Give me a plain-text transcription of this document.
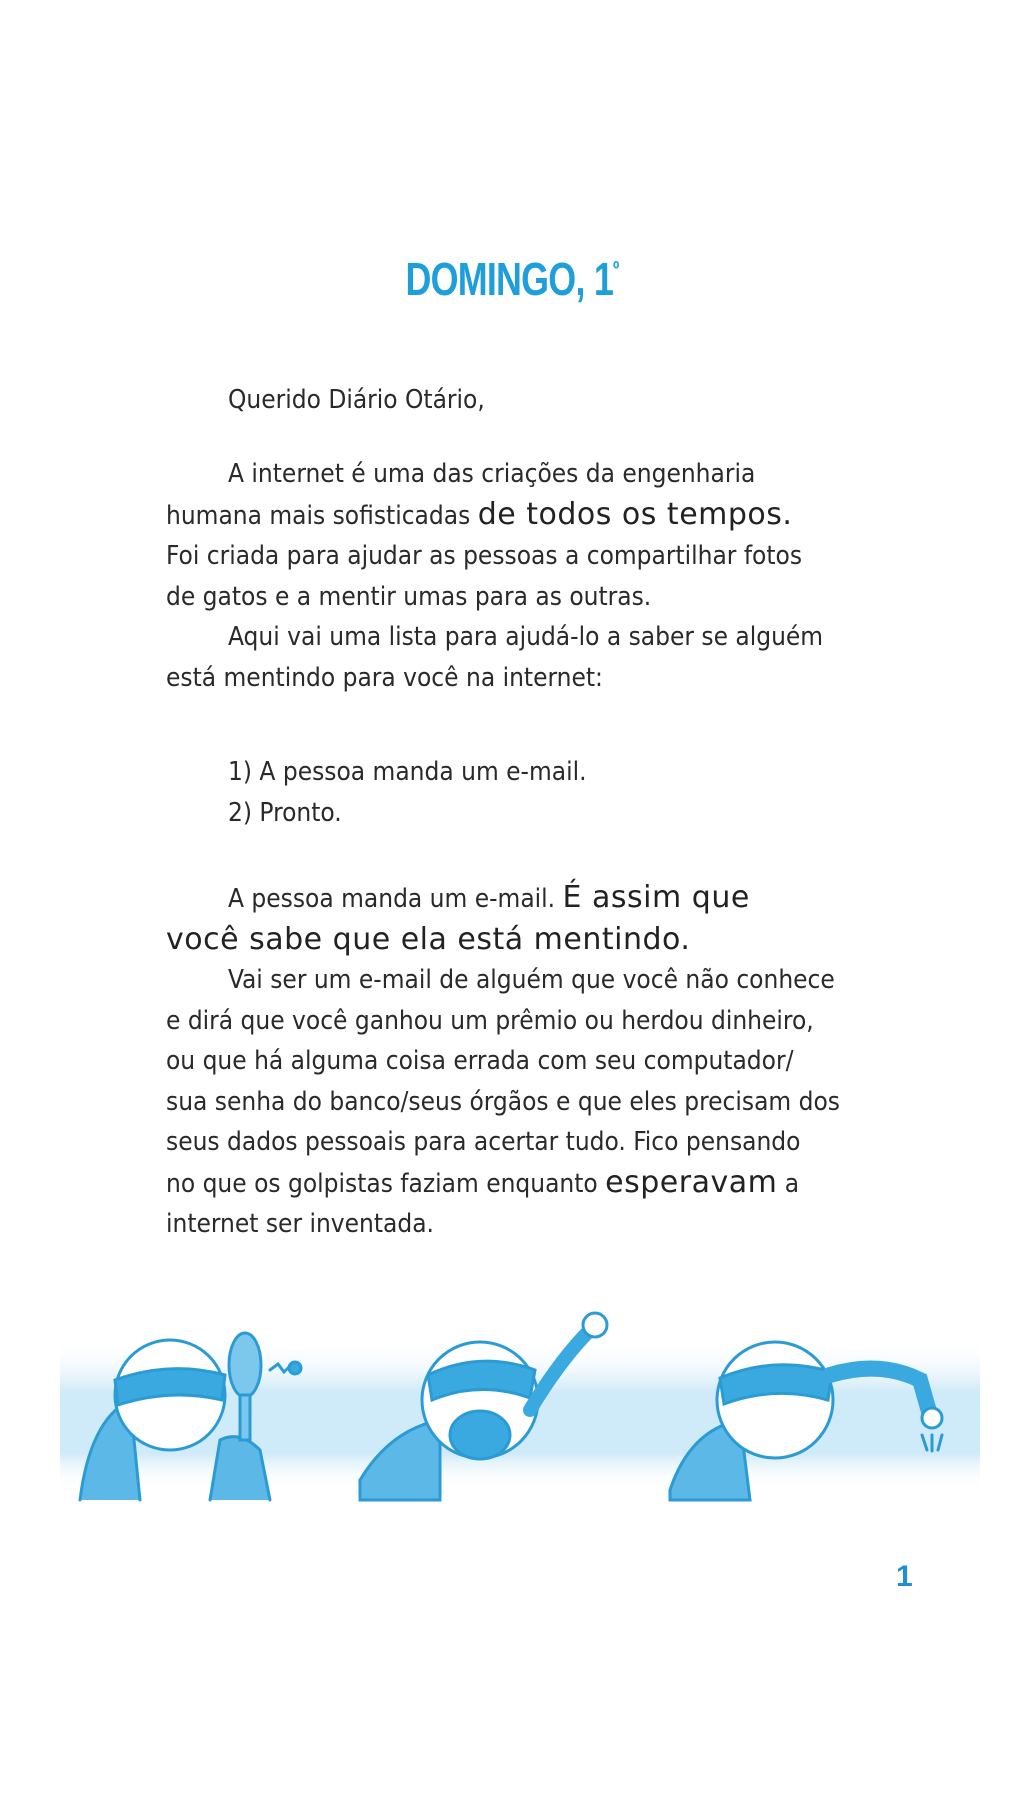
DOMINGO, $1^º$
Querido Diário Otário,
A internet é uma das criações da engenharia
humana mais sofisticadas de todos os tempos.
Foi criada para ajudar as pessoas a compartilhar fotos
de gatos e a mentir umas para as outras.
Aqui vai uma lista para ajudá-lo a saber se alguém
está mentindo para você na internet:
1) A pessoa manda um e-mail.
2) Pronto.
A pessoa manda um e-mail. É assim que
você sabe que ela está mentindo.
Vai ser um e-mail de alguém que você não conhece
e dirá que você ganhou um prêmio ou herdou dinheiro,
ou que há alguma coisa errada com seu computador/
sua senha do banco/seus órgãos e que eles precisam dos
seus dados pessoais para acertar tudo. Fico pensando
no que os golpistas faziam enquanto esperavam a
internet ser inventada.
1
